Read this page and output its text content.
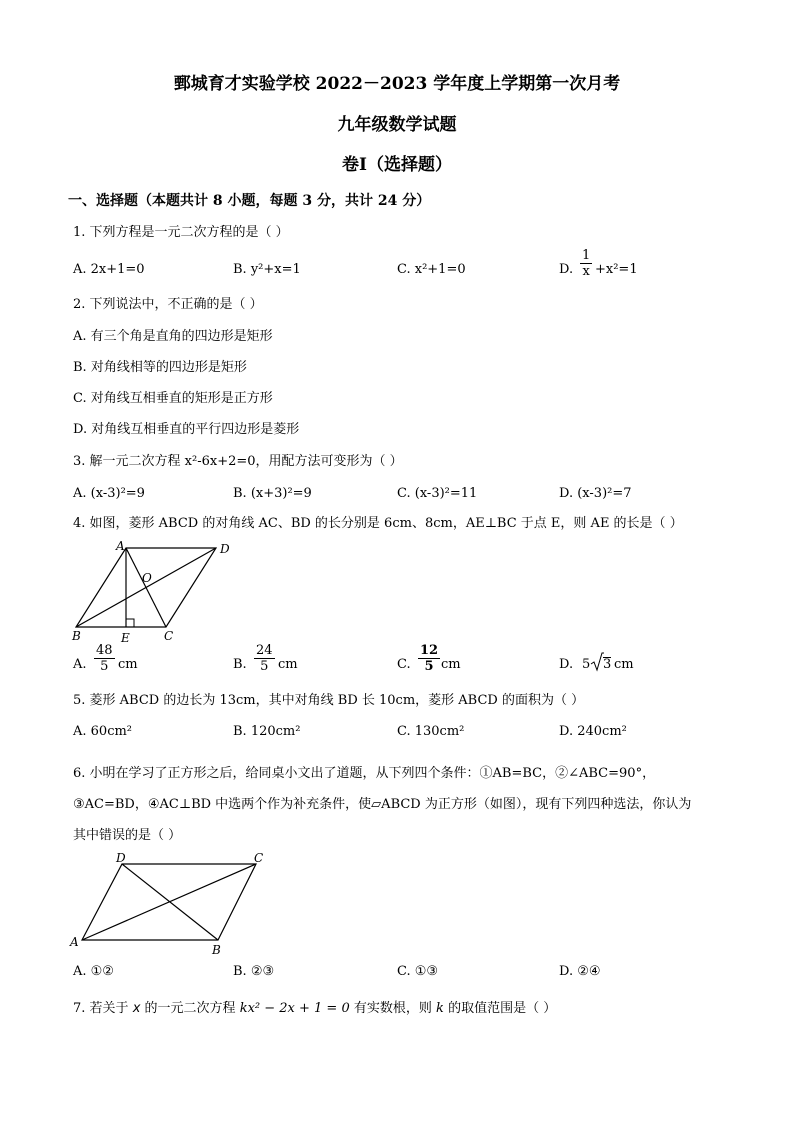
鄄城育才实验学校 2022－2023 学年度上学期第一次月考
九年级数学试题
卷Ⅰ（选择题）
一、选择题（本题共计 8 小题，每题 3 分，共计 24 分）
1. 下列方程是一元二次方程的是（ ）
A. 2x+1=0	B. y²+x=1	C. x²+1=0	D. $\frac{1}{x} +x^2=1$
2. 下列说法中，不正确的是（ ）
A. 有三个角是直角的四边形是矩形
B. 对角线相等的四边形是矩形
C. 对角线互相垂直的矩形是正方形
D. 对角线互相垂直的平行四边形是菱形
3. 解一元二次方程 x²-6x+2=0，用配方法可变形为（ ）
A. (x-3)²=9	B. (x+3)²=9	C. (x-3)²=11	D. (x-3)²=7
4. 如图，菱形 ABCD 的对角线 AC、BD 的长分别是 6cm、8cm，AE⊥BC 于点 E，则 AE 的长是（ ）
A	D
O
B	E	C
A. $\frac{48}{5}$ cm	B. $\frac{24}{5}$ cm	C. $\frac{12}{5}$ cm	D. 5 3 cm
5. 菱形 ABCD 的边长为 13cm，其中对角线 BD 长 10cm，菱形 ABCD 的面积为（ ）
A. 60cm²	B. 120cm²	C. 130cm²	D. 240cm²
6. 小明在学习了正方形之后，给同桌小文出了道题，从下列四个条件：①AB=BC，②∠ABC=90°，
③AC=BD，④AC⊥BD 中选两个作为补充条件，使▱ABCD 为正方形（如图），现有下列四种选法，你认为
其中错误的是（ ）
D	C
A
B
A. ①②	B. ②③	C. ①③	D. ②④
7. 若关于 x 的一元二次方程 kx² − 2x + 1 = 0 有实数根，则 k 的取值范围是（ ）
